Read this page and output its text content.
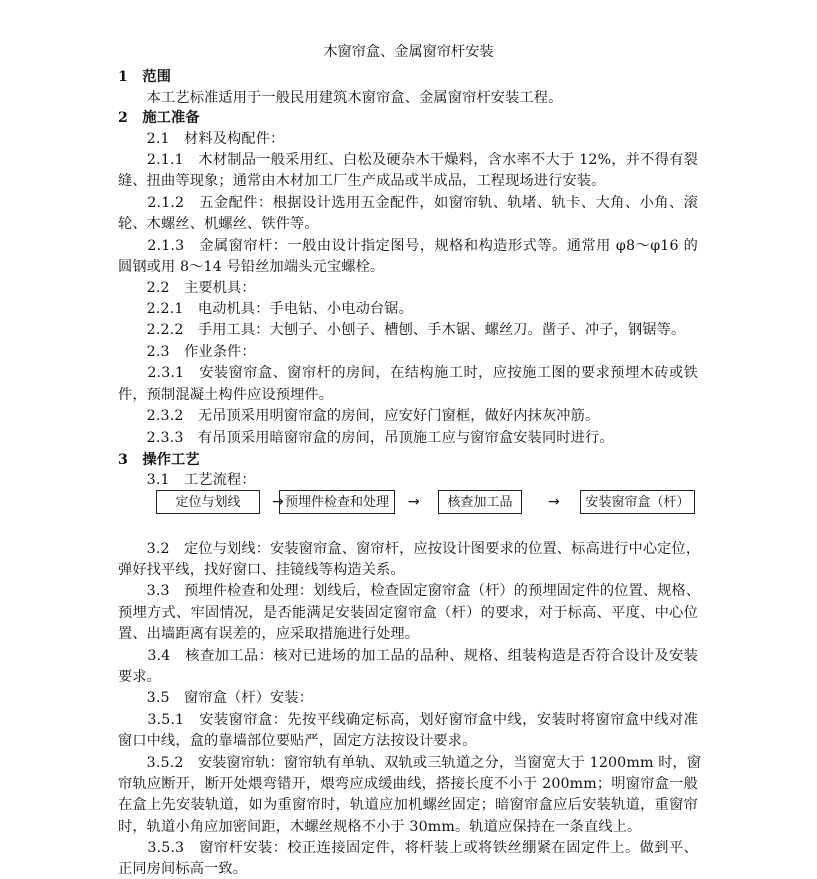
木窗帘盒、金属窗帘杆安装
1　范围
　　本工艺标准适用于一般民用建筑木窗帘盒、金属窗帘杆安装工程。
2　施工准备
　　2.1　材料及构配件：
　　2.1.1　木材制品一般采用红、白松及硬杂木干燥料，含水率不大于 12%，并不得有裂
缝、扭曲等现象；通常由木材加工厂生产成品或半成品，工程现场进行安装。
　　2.1.2　五金配件：根据设计选用五金配件，如窗帘轨、轨堵、轨卡、大角、小角、滚
轮、木螺丝、机螺丝、铁件等。
　　2.1.3　金属窗帘杆：一般由设计指定图号，规格和构造形式等。通常用 φ8～φ16 的
圆钢或用 8～14 号铅丝加端头元宝螺栓。
　　2.2　主要机具：
　　2.2.1　电动机具：手电钻、小电动台锯。
　　2.2.2　手用工具：大刨子、小刨子、槽刨、手木锯、螺丝刀。凿子、冲子，钢锯等。
　　2.3　作业条件：
　　2.3.1　安装窗帘盒、窗帘杆的房间，在结构施工时，应按施工图的要求预埋木砖或铁
件，预制混凝土构件应设预埋件。
　　2.3.2　无吊顶采用明窗帘盒的房间，应安好门窗框，做好内抹灰冲筋。
　　2.3.3　有吊顶采用暗窗帘盒的房间，吊顶施工应与窗帘盒安装同时进行。
3　操作工艺
　　3.1　工艺流程：
定位与划线	→ 预埋件检查和处理	→	核查加工品	→	安装窗帘盒（杆）
　　3.2　定位与划线：安装窗帘盒、窗帘杆，应按设计图要求的位置、标高进行中心定位，
弹好找平线，找好窗口、挂镜线等构造关系。
　　3.3　预埋件检查和处理：划线后，检查固定窗帘盒（杆）的预埋固定件的位置、规格、
预埋方式、牢固情况，是否能满足安装固定窗帘盒（杆）的要求，对于标高、平度、中心位
置、出墙距离有误差的，应采取措施进行处理。
　　3.4　核查加工品：核对已进场的加工品的品种、规格、组装构造是否符合设计及安装
要求。
　　3.5　窗帘盒（杆）安装：
　　3.5.1　安装窗帘盒：先按平线确定标高，划好窗帘盒中线，安装时将窗帘盒中线对准
窗口中线，盒的靠墙部位要贴严，固定方法按设计要求。
　　3.5.2　安装窗帘轨：窗帘轨有单轨、双轨或三轨道之分，当窗宽大于 1200mm 时，窗
帘轨应断开，断开处煨弯错开，煨弯应成缓曲线，搭接长度不小于 200mm；明窗帘盒一般
在盒上先安装轨道，如为重窗帘时，轨道应加机螺丝固定；暗窗帘盒应后安装轨道，重窗帘
时，轨道小角应加密间距，木螺丝规格不小于 30mm。轨道应保持在一条直线上。
　　3.5.3　窗帘杆安装：校正连接固定件，将杆装上或将铁丝绷紧在固定件上。做到平、
正同房间标高一致。
